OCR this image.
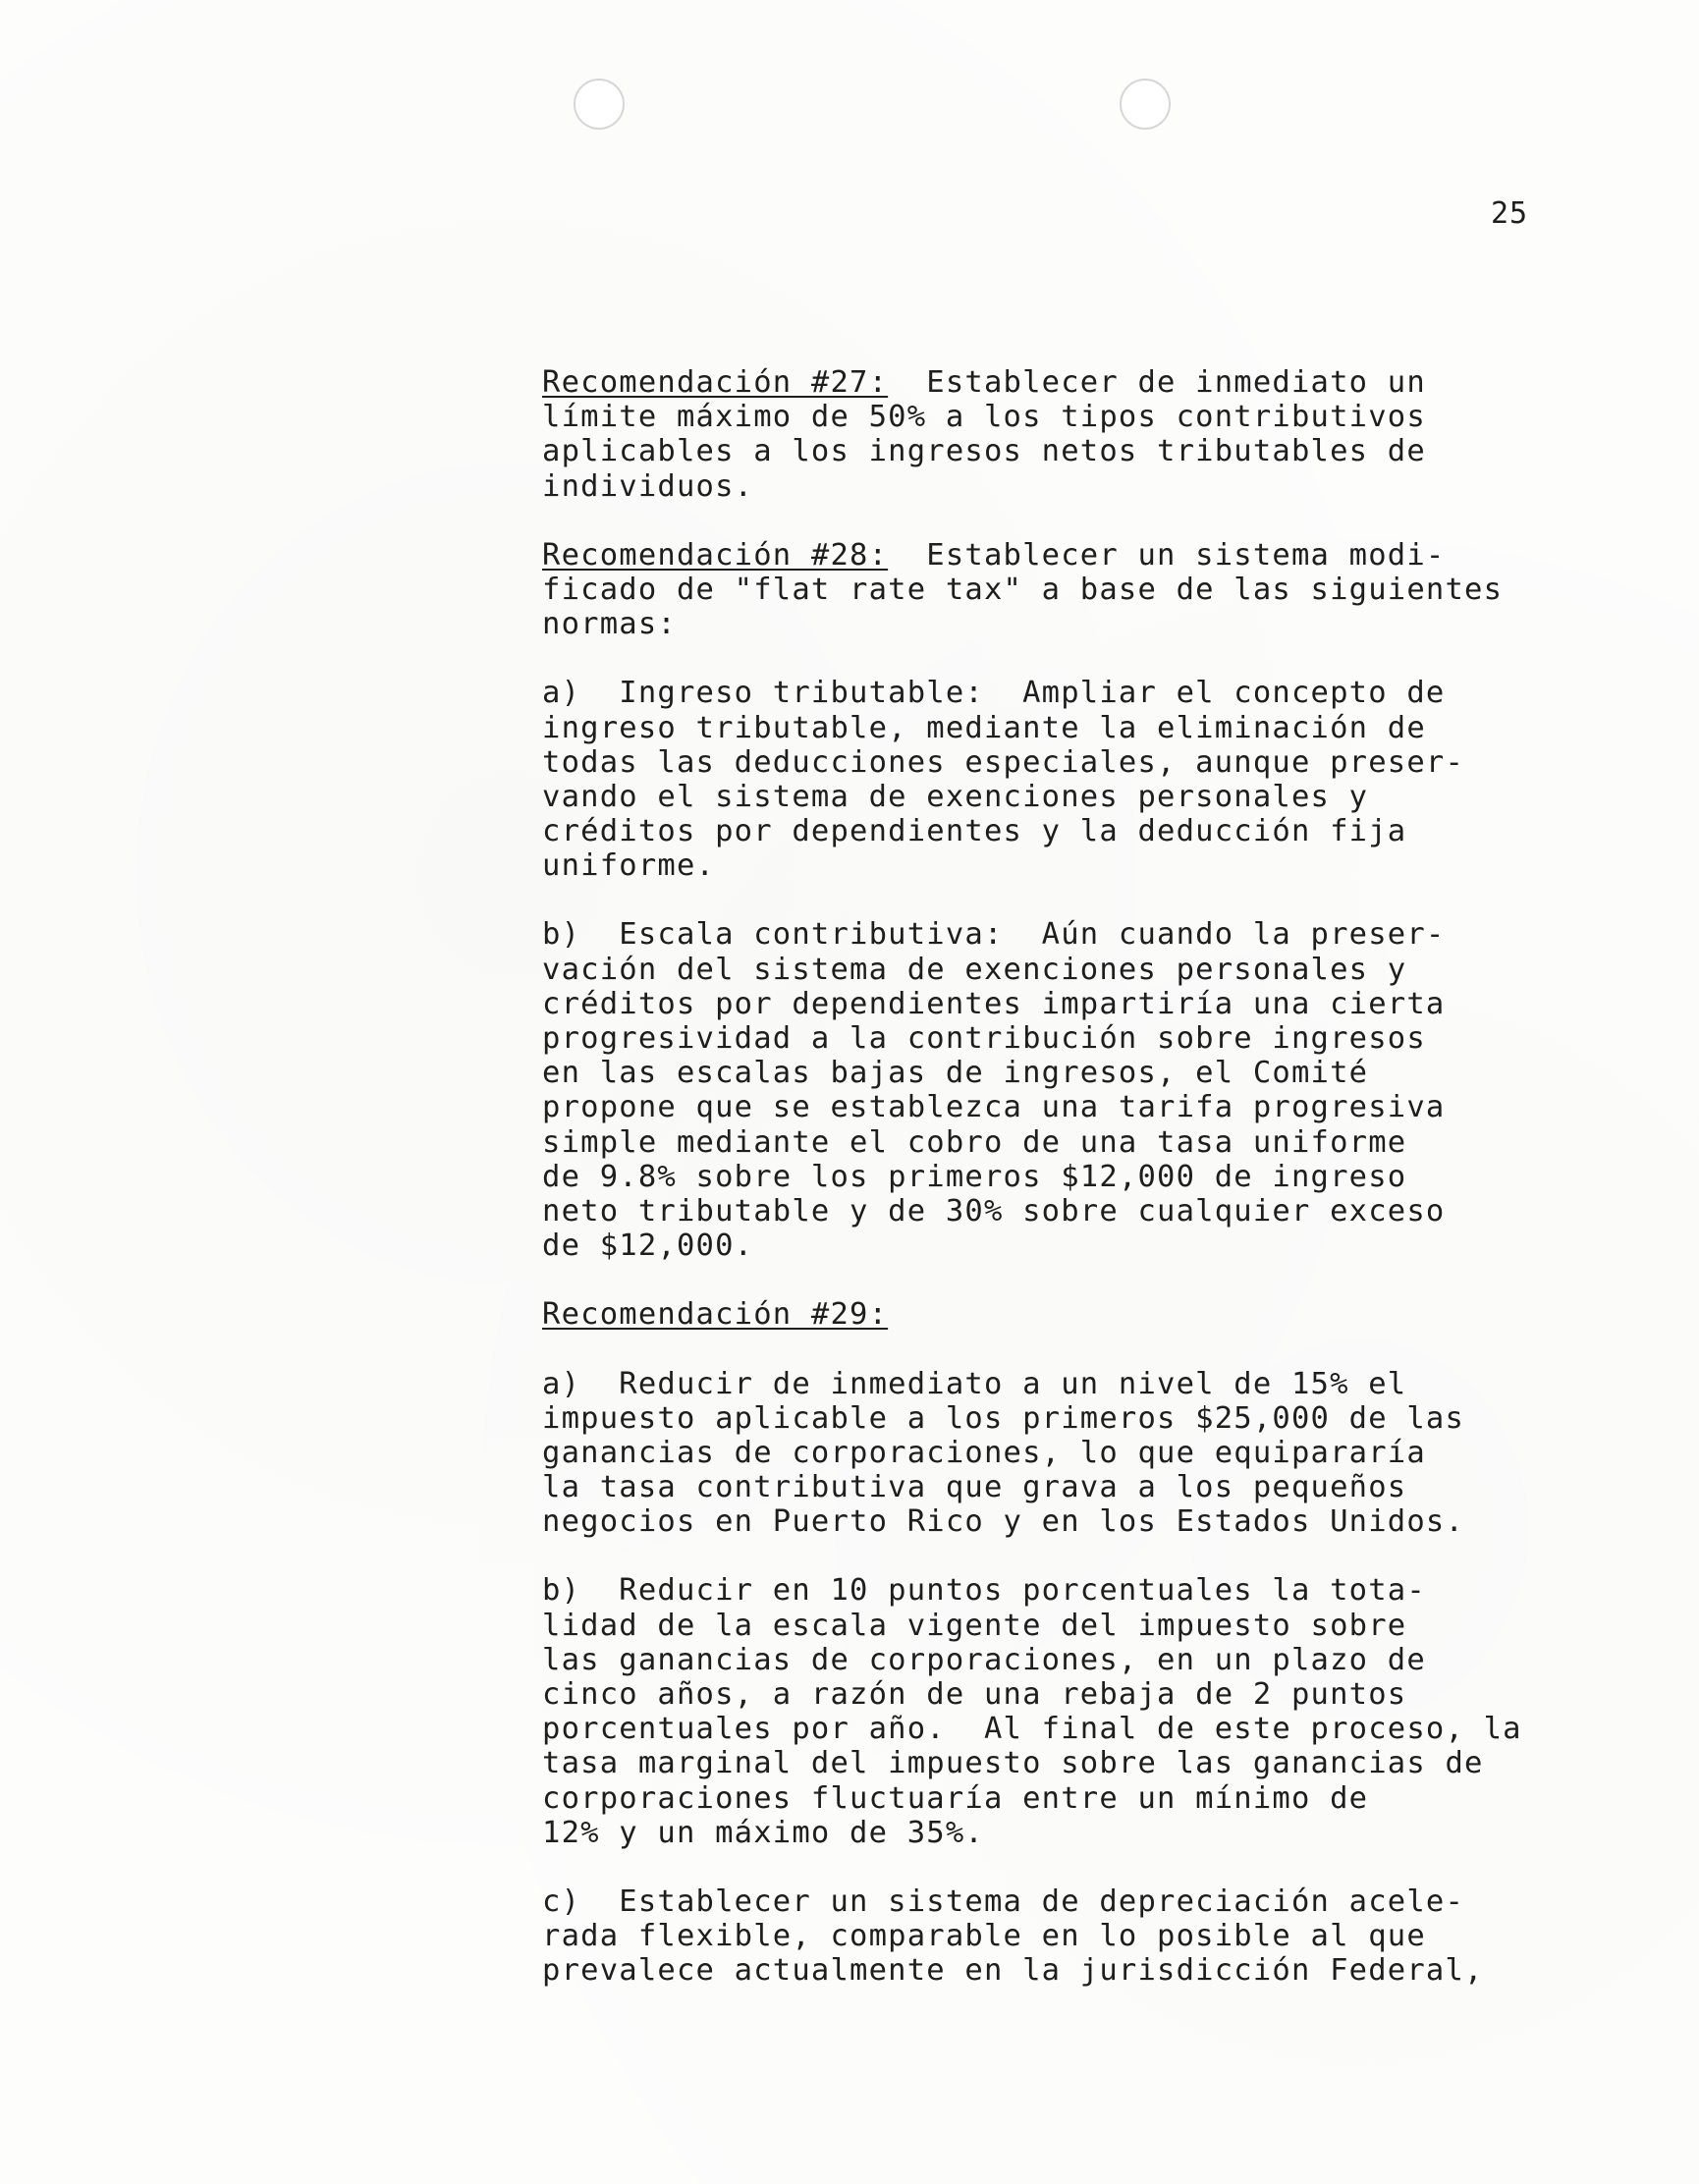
25
Recomendación #27:  Establecer de inmediato un
límite máximo de 50% a los tipos contributivos
aplicables a los ingresos netos tributables de
individuos.
Recomendación #28:  Establecer un sistema modi-
ficado de "flat rate tax" a base de las siguientes
normas:
a)  Ingreso tributable:  Ampliar el concepto de
ingreso tributable, mediante la eliminación de
todas las deducciones especiales, aunque preser-
vando el sistema de exenciones personales y
créditos por dependientes y la deducción fija
uniforme.
b)  Escala contributiva:  Aún cuando la preser-
vación del sistema de exenciones personales y
créditos por dependientes impartiría una cierta
progresividad a la contribución sobre ingresos
en las escalas bajas de ingresos, el Comité
propone que se establezca una tarifa progresiva
simple mediante el cobro de una tasa uniforme
de 9.8% sobre los primeros $12,000 de ingreso
neto tributable y de 30% sobre cualquier exceso
de $12,000.
Recomendación #29:
a)  Reducir de inmediato a un nivel de 15% el
impuesto aplicable a los primeros $25,000 de las
ganancias de corporaciones, lo que equipararía
la tasa contributiva que grava a los pequeños
negocios en Puerto Rico y en los Estados Unidos.
b)  Reducir en 10 puntos porcentuales la tota-
lidad de la escala vigente del impuesto sobre
las ganancias de corporaciones, en un plazo de
cinco años, a razón de una rebaja de 2 puntos
porcentuales por año.  Al final de este proceso, la
tasa marginal del impuesto sobre las ganancias de
corporaciones fluctuaría entre un mínimo de
12% y un máximo de 35%.
c)  Establecer un sistema de depreciación acele-
rada flexible, comparable en lo posible al que
prevalece actualmente en la jurisdicción Federal,
